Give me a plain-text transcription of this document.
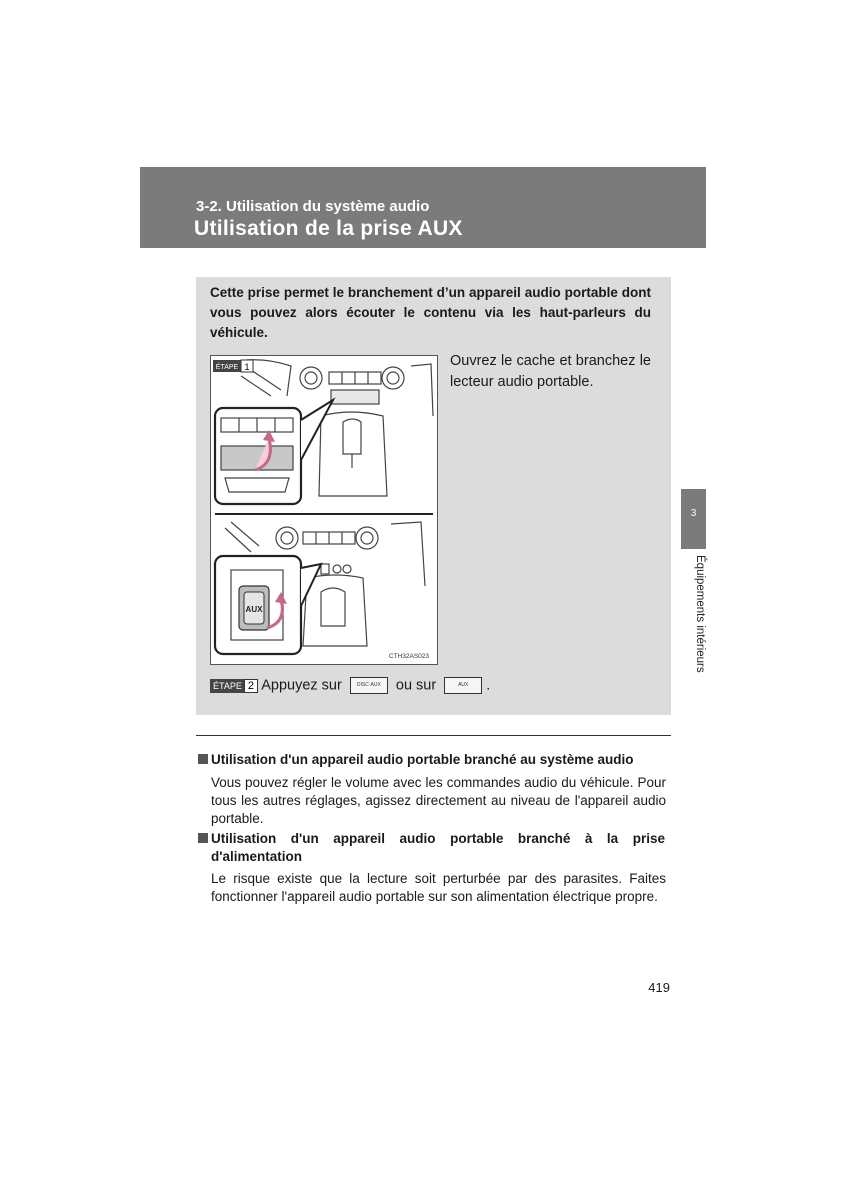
3-2. Utilisation du système audio
Utilisation de la prise AUX
Cette prise permet le branchement d’un appareil audio portable dont vous pouvez alors écouter le contenu via les haut-parleurs du véhicule.
AUX
CTH32AS023
ÉTAPE 1	Ouvrez le cache et branchez le lecteur audio portable.
ÉTAPE 2 Appuyez sur	DISC·AUX ou sur	AUX .
Utilisation d'un appareil audio portable branché au système audio
Vous pouvez régler le volume avec les commandes audio du véhicule. Pour tous les autres réglages, agissez directement au niveau de l'appareil audio portable.
Utilisation d'un appareil audio portable branché à la prise
d'alimentation
Le risque existe que la lecture soit perturbée par des parasites. Faites fonctionner l'appareil audio portable sur son alimentation électrique propre.
3
Équipements intérieurs
419
